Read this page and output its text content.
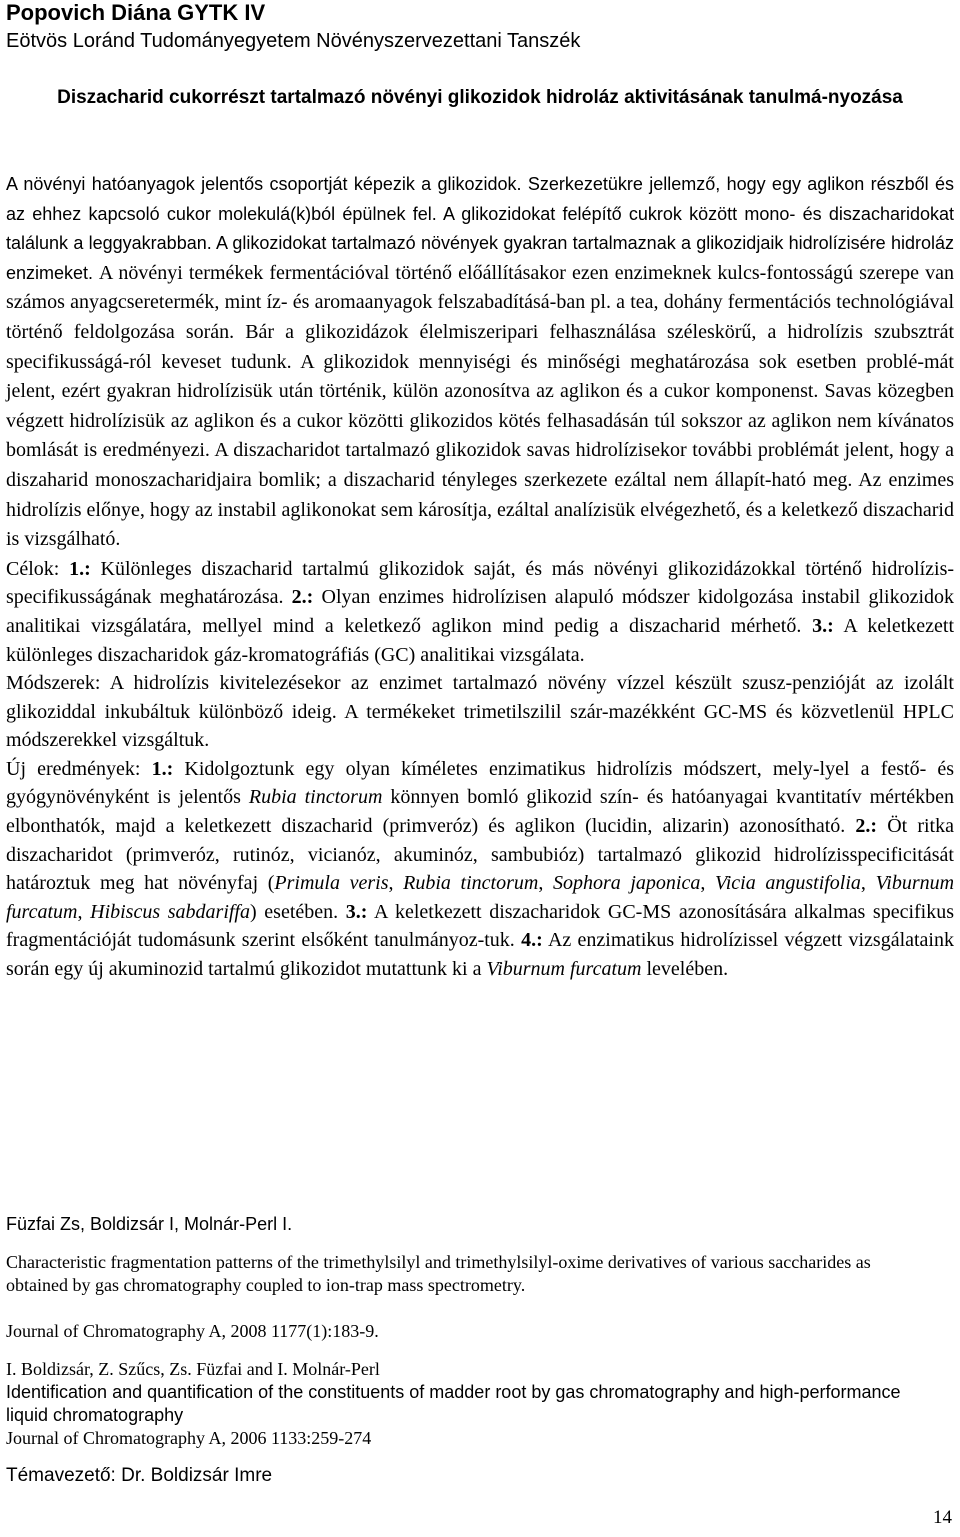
Popovich Diána GYTK IV
Eötvös Loránd Tudományegyetem Növényszervezettani Tanszék
Diszacharid cukorrészt tartalmazó növényi glikozidok hidroláz aktivitásának tanulmá-nyozása

A növényi hatóanyagok jelentős csoportját képezik a glikozidok. Szerkezetükre jellemző, hogy egy aglikon részből és az ehhez kapcsoló cukor molekulá(k)ból épülnek fel. A glikozidokat felépítő cukrok között mono- és diszacharidokat találunk a leggyakrabban. A glikozidokat tartalmazó növények gyakran tartalmaznak a glikozidjaik hidrolízisére hidroláz enzimeket. A növényi termékek fermentációval történő előállításakor ezen enzimeknek kulcs-fontosságú szerepe van számos anyagcseretermék, mint íz- és aromaanyagok felszabadításá-ban pl. a tea, dohány fermentációs technológiával történő feldolgozása során. Bár a glikozidázok élelmiszeripari felhasználása széleskörű, a hidrolízis szubsztrát specifikusságá-ról keveset tudunk. A glikozidok mennyiségi és minőségi meghatározása sok esetben problé-mát jelent, ezért gyakran hidrolízisük után történik, külön azonosítva az aglikon és a cukor komponenst. Savas közegben végzett hidrolízisük az aglikon és a cukor közötti glikozidos kötés felhasadásán túl sokszor az aglikon nem kívánatos bomlását is eredményezi. A diszacharidot tartalmazó glikozidok savas hidrolízisekor további problémát jelent, hogy a diszaharid monoszacharidjaira bomlik; a diszacharid tényleges szerkezete ezáltal nem állapít-ható meg. Az enzimes hidrolízis előnye, hogy az instabil aglikonokat sem károsítja, ezáltal analízisük elvégezhető, és a keletkező diszacharid is vizsgálható.

Célok: 1.: Különleges diszacharid tartalmú glikozidok saját, és más növényi glikozidázokkal történő hidrolízis-specifikusságának meghatározása. 2.: Olyan enzimes hidrolízisen alapuló módszer kidolgozása instabil glikozidok analitikai vizsgálatára, mellyel mind a keletkező aglikon mind pedig a diszacharid mérhető. 3.: A keletkezett különleges diszacharidok gáz-kromatográfiás (GC) analitikai vizsgálata.

Módszerek: A hidrolízis kivitelezésekor az enzimet tartalmazó növény vízzel készült szusz-penzióját az izolált glikoziddal inkubáltuk különböző ideig. A termékeket trimetilszilil szár-mazékként GC-MS és közvetlenül HPLC módszerekkel vizsgáltuk.

Új eredmények: 1.: Kidolgoztunk egy olyan kíméletes enzimatikus hidrolízis módszert, mely-lyel a festő- és gyógynövényként is jelentős Rubia tinctorum könnyen bomló glikozid szín- és hatóanyagai kvantitatív mértékben elbonthatók, majd a keletkezett diszacharid (primveróz) és aglikon (lucidin, alizarin) azonosítható. 2.: Öt ritka diszacharidot (primveróz, rutinóz, vicianóz, akuminóz, sambubióz) tartalmazó glikozid hidrolízisspecificitását határoztuk meg hat növényfaj (Primula veris, Rubia tinctorum, Sophora japonica, Vicia angustifolia, Viburnum furcatum, Hibiscus sabdariffa) esetében. 3.: A keletkezett diszacharidok GC-MS azonosítására alkalmas specifikus fragmentációját tudomásunk szerint elsőként tanulmányoz-tuk. 4.: Az enzimatikus hidrolízissel végzett vizsgálataink során egy új akuminozid tartalmú glikozidot mutattunk ki a Viburnum furcatum levelében.

Füzfai Zs, Boldizsár I, Molnár-Perl I.
Characteristic fragmentation patterns of the trimethylsilyl and trimethylsilyl-oxime derivatives of various saccharides as obtained by gas chromatography coupled to ion-trap mass spectrometry.
Journal of Chromatography A, 2008 1177(1):183-9.
I. Boldizsár, Z. Szűcs, Zs. Füzfai and I. Molnár-Perl
Identification and quantification of the constituents of madder root by gas chromatography and high-performance liquid chromatography
Journal of Chromatography A, 2006 1133:259-274
Témavezető: Dr. Boldizsár Imre
14
